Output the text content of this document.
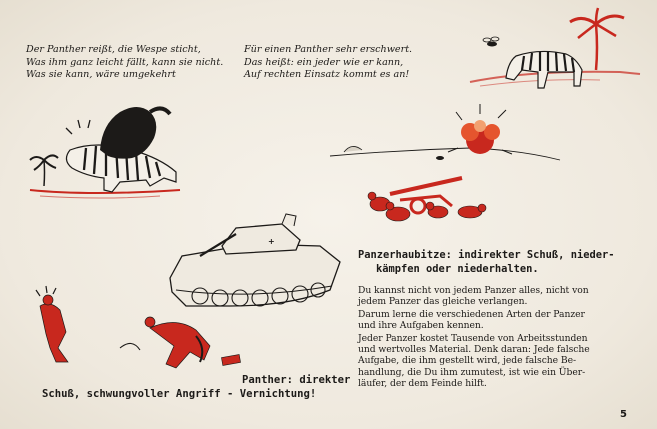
+
Der Panther reißt, die Wespe sticht,
Was ihm ganz leicht fällt, kann sie nicht.
Was sie kann, wäre umgekehrt
Für einen Panther sehr erschwert.
Das heißt: ein jeder wie er kann,
Auf rechten Einsatz kommt es an!
Panzerhaubitze: indirekter Schuß, nieder-
kämpfen oder niederhalten.

Du kannst nicht von jedem Panzer alles, nicht von
jedem Panzer das gleiche verlangen.

Darum lerne die verschiedenen Arten der Panzer
und ihre Aufgaben kennen.

Jeder Panzer kostet Tausende von Arbeitsstunden
und wertvolles Material. Denk daran: Jede falsche
Aufgabe, die ihm gestellt wird, jede falsche Be-
handlung, die Du ihm zumutest, ist wie ein Über-
läufer, der dem Feinde hilft.

Panther: direkter
Schuß, schwungvoller Angriff - Vernichtung!
5
